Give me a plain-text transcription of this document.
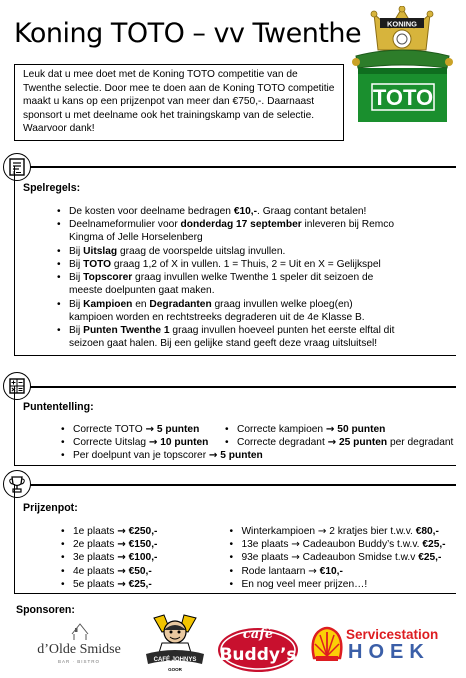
Koning TOTO – vv Twenthe
Leuk dat u mee doet met de Koning TOTO competitie van de Twenthe selectie. Door mee te doen aan de Koning TOTO competitie maakt u kans op een prijzenpot van meer dan €750,-. Daarnaast sponsort u met deelname ook het trainingskamp van de selectie. Waarvoor dank!
KONING
TOTO
x
Spelregels:
• De kosten voor deelname bedragen €10,-. Graag contant betalen!
• Deelnameformulier voor donderdag 17 september inleveren bij Remco Kingma of Jelle Horselenberg
• Bij Uitslag graag de voorspelde uitslag invullen.
• Bij TOTO graag 1,2 of X in vullen. 1 = Thuis, 2 = Uit en X = Gelijkspel
• Bij Topscorer graag invullen welke Twenthe 1 speler dit seizoen de meeste doelpunten gaat maken.
• Bij Kampioen en Degradanten graag invullen welke ploeg(en) kampioen worden en rechtstreeks degraderen uit de 4e Klasse B.
• Bij Punten Twenthe 1 graag invullen hoeveel punten het eerste elftal dit seizoen gaat halen. Bij een gelijke stand geeft deze vraag uitsluitsel!
Puntentelling:
• Correcte TOTO → 5 punten
• Correcte Uitslag → 10 punten
• Per doelpunt van je topscorer → 5 punten
• Correcte kampioen → 50 punten
• Correcte degradant → 25 punten per degradant
Prijzenpot:
• 1e plaats → €250,-
• 2e plaats → €150,-
• 3e plaats → €100,-
• 4e plaats → €50,-
• 5e plaats → €25,-
• Winterkampioen → 2 kratjes bier t.w.v. €80,-
• 13e plaats → Cadeaubon Buddy’s t.w.v. €25,-
• 93e plaats → Cadeaubon Smidse t.w.v €25,-
• Rode lantaarn → €10,-
• En nog veel meer prijzen…!
Sponsoren:
d’Olde Smidse
BAR · BISTRO	CAFÉ JOHNYS
GOOR
café
Buddy’s
Servicestation
HOEK
